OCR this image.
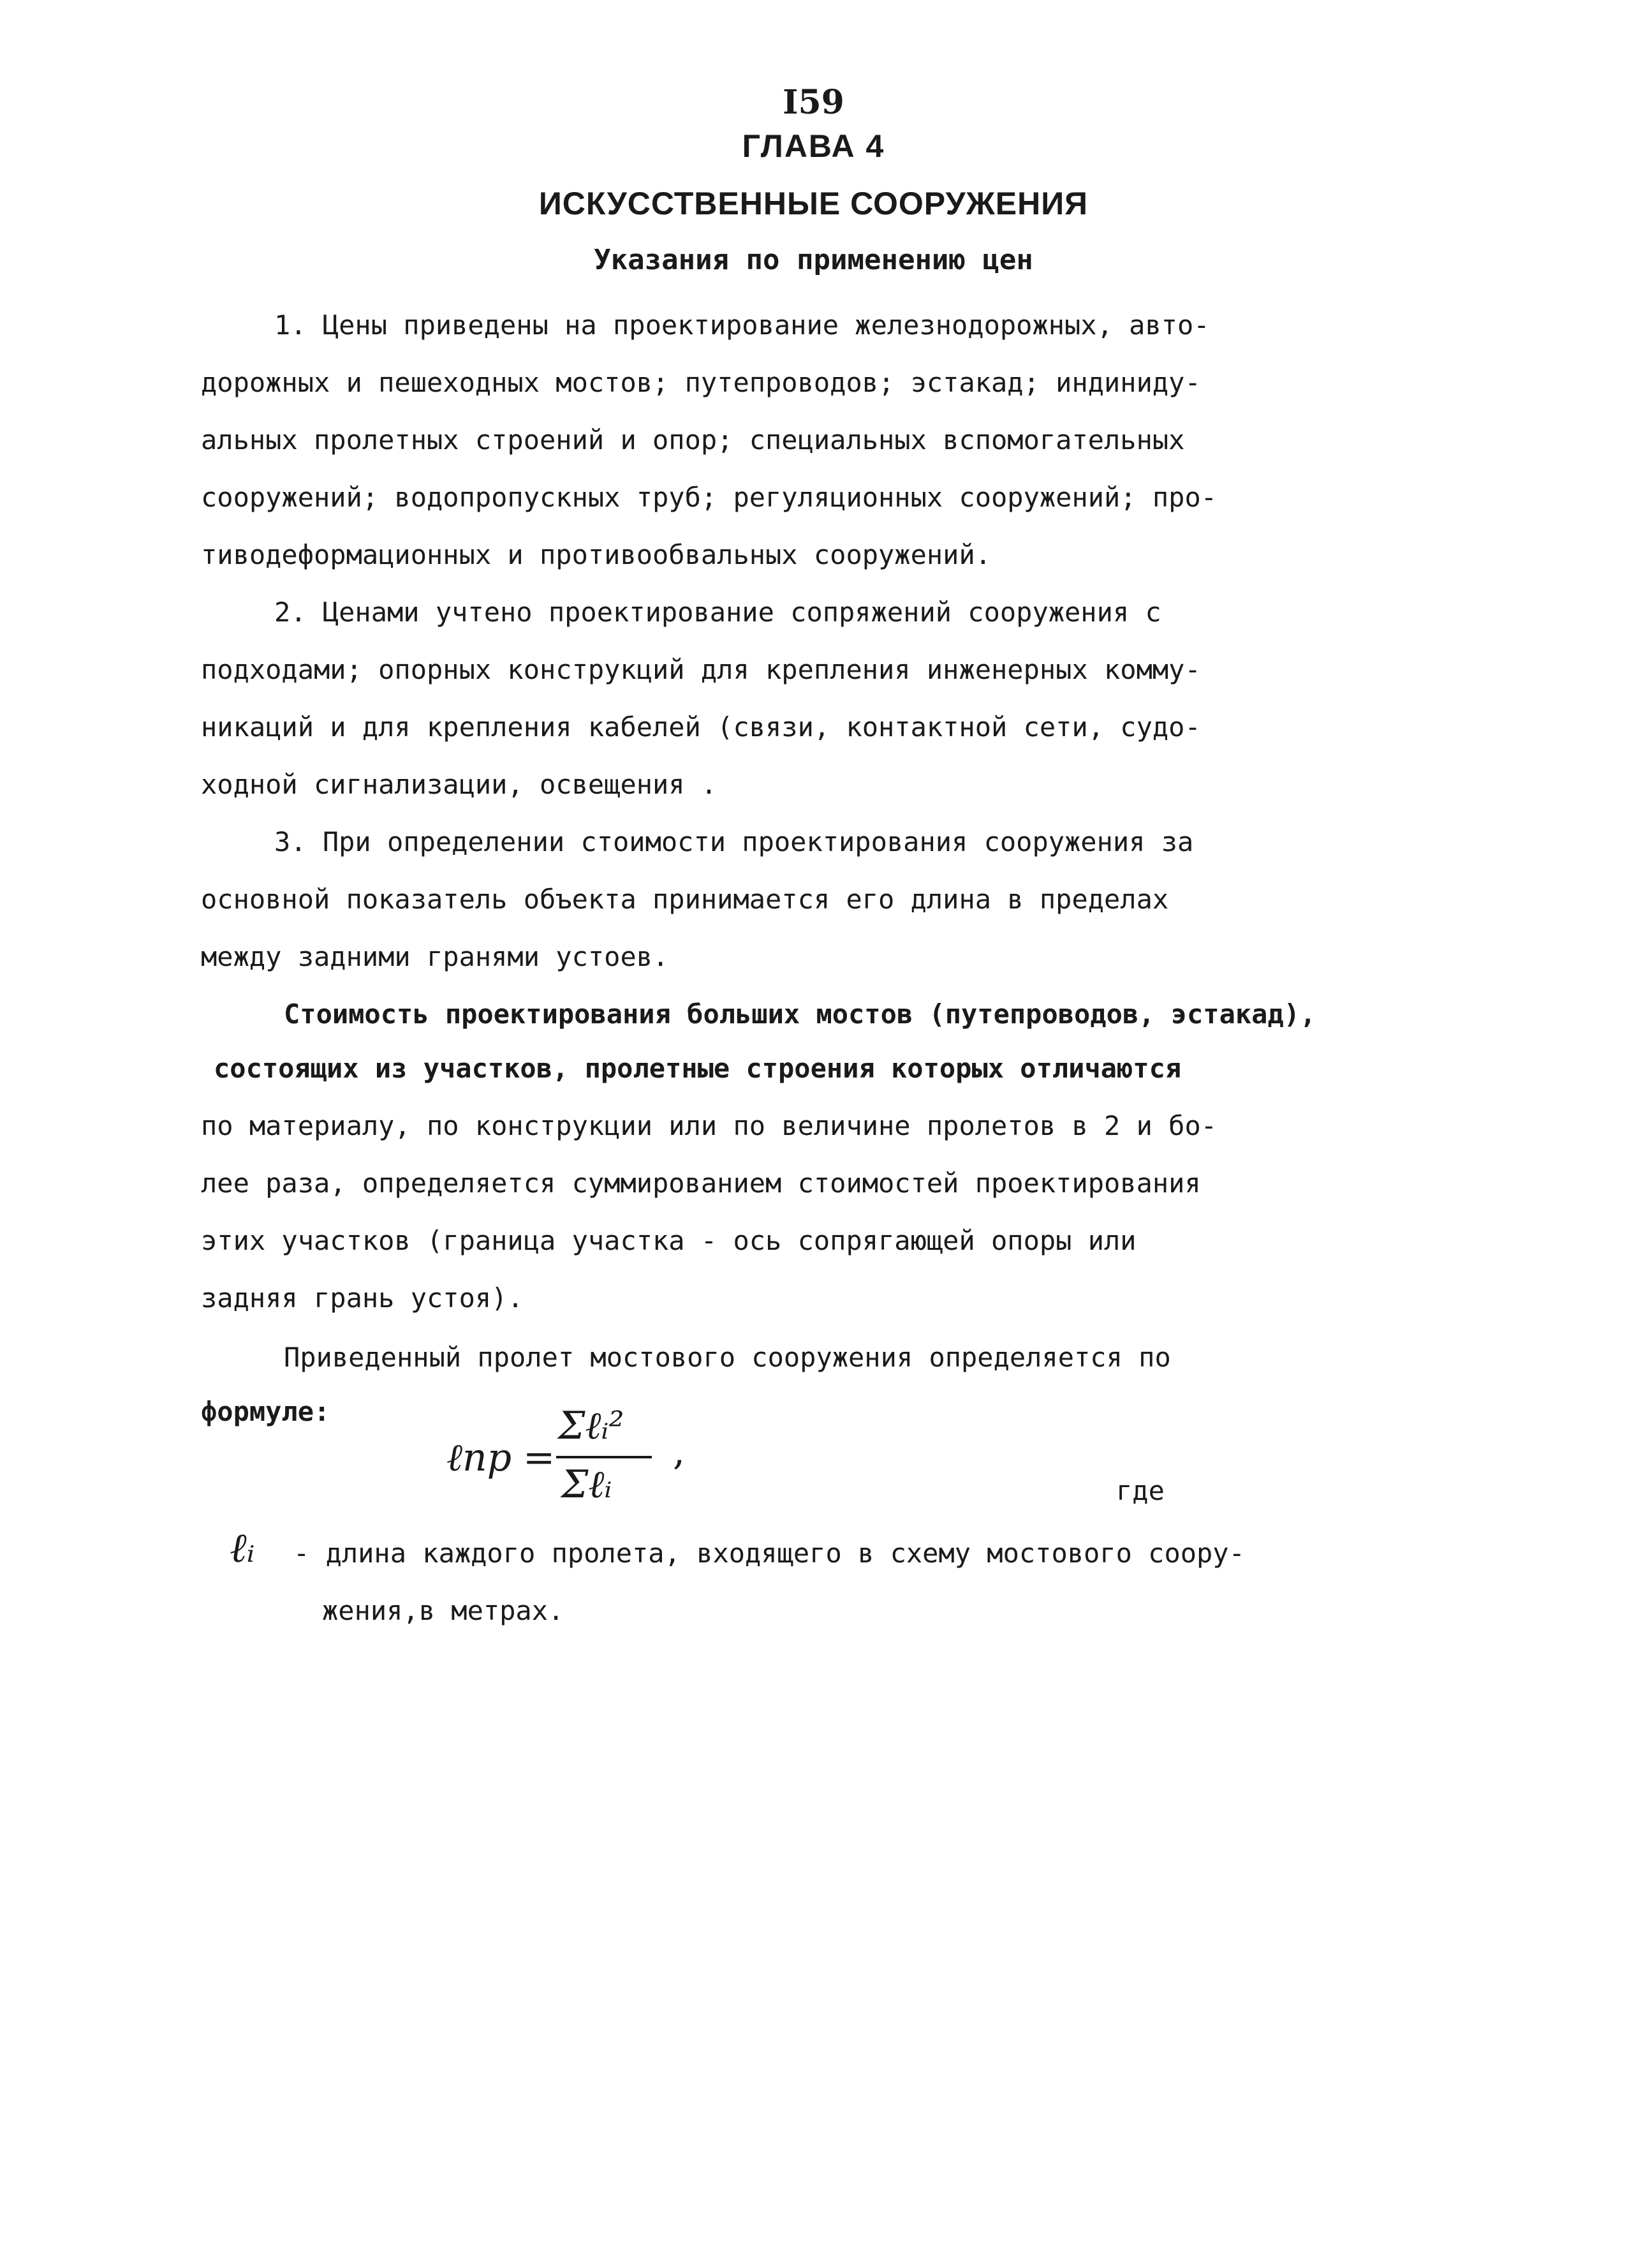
I59
ГЛАВА 4
ИСКУССТВЕННЫЕ СООРУЖЕНИЯ
Указания по применению цен
1. Цены приведены на проектирование железнодорожных, авто-
дорожных и пешеходных мостов; путепроводов; эстакад; индиниду-
альных пролетных строений и опор; специальных вспомогательных
сооружений; водопропускных труб; регуляционных сооружений; про-
тиводеформационных и противообвальных сооружений.
2. Ценами учтено проектирование сопряжений сооружения с
подходами; опорных конструкций для крепления инженерных комму-
никаций и для крепления кабелей (связи, контактной сети, судо-
ходной сигнализации, освещения .
3. При определении стоимости проектирования сооружения за
основной показатель объекта принимается его длина в пределах
между задними гранями устоев.
Стоимость проектирования больших мостов (путепроводов, эстакад),
состоящих из участков, пролетные строения которых отличаются
по материалу, по конструкции или по величине пролетов в 2 и бо-
лее раза, определяется суммированием стоимостей проектирования
этих участков (граница участка - ось сопрягающей опоры или
задняя грань устоя).
Приведенный пролет мостового сооружения определяется по
формуле:
ℓпр =
Σℓᵢ²
Σℓᵢ
,
где
ℓᵢ - длина каждого пролета, входящего в схему мостового соору-
жения,в метрах.
